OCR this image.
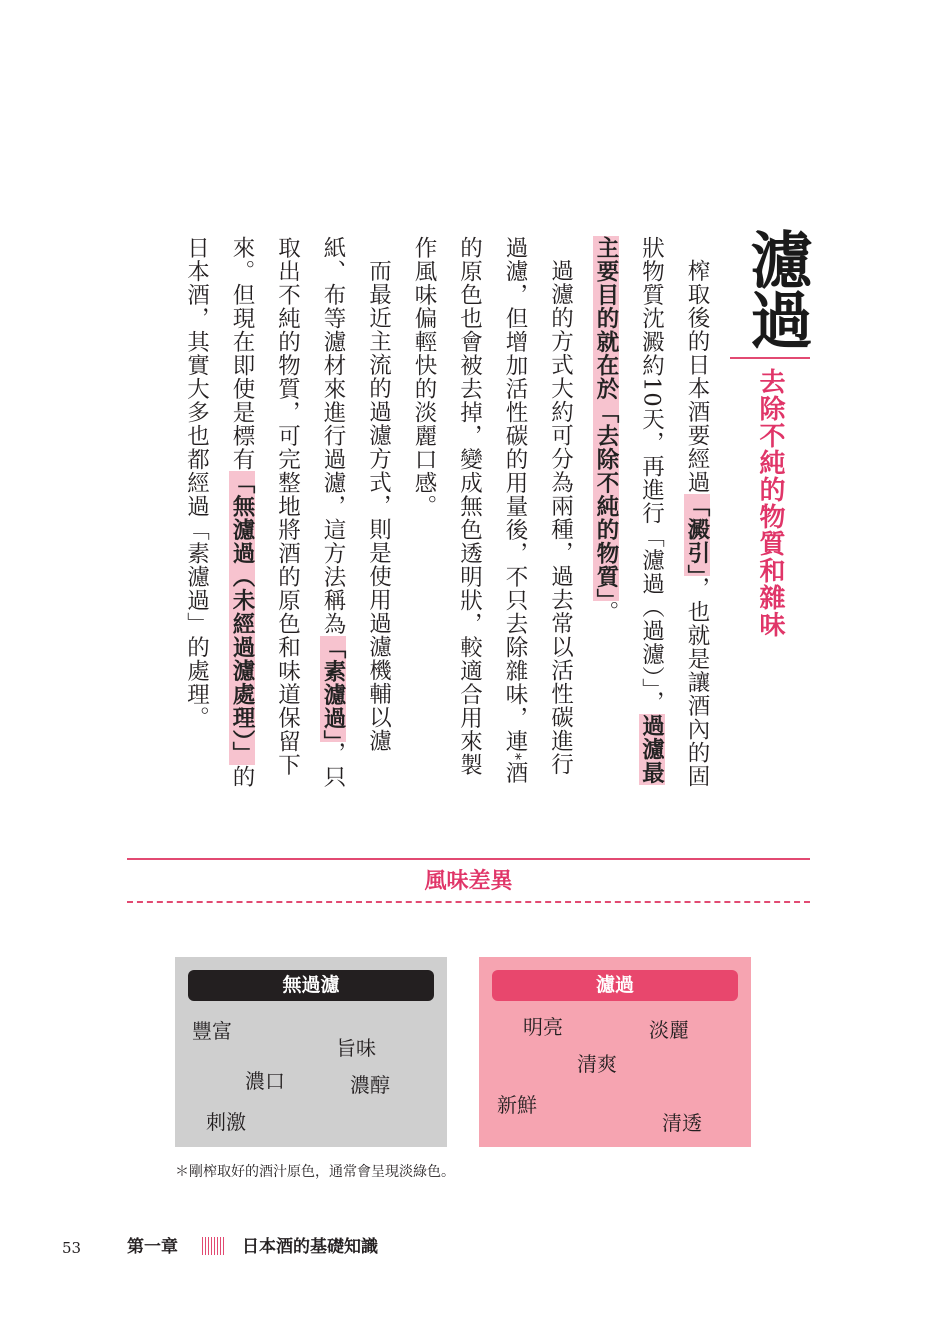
濾過
去除不純的物質和雜味

榨取後的日本酒要經過「澱引」，也就是讓酒內的固狀物質沈澱約10天，再進行「濾過（過濾）」，過濾最主要目的就在於「去除不純的物質」。

過濾的方式大約可分為兩種，過去常以活性碳進行過濾，但增加活性碳的用量後，不只去除雜味，連*酒的原色也會被去掉，變成無色透明狀，較適合用來製作風味偏輕快的淡麗口感。

而最近主流的過濾方式，則是使用過濾機輔以濾紙、布等濾材來進行過濾，這方法稱為「素濾過」，只取出不純的物質，可完整地將酒的原色和味道保留下來。但現在即使是標有「無濾過（未經過濾處理）」的日本酒，其實大多也都經過「素濾過」的處理。

風味差異
無過濾
豐富
旨味
濃口	濃醇
刺激
濾過
明亮	淡麗
清爽
新鮮
清透
＊剛榨取好的酒汁原色，通常會呈現淡綠色。
53	第一章	日本酒的基礎知識
